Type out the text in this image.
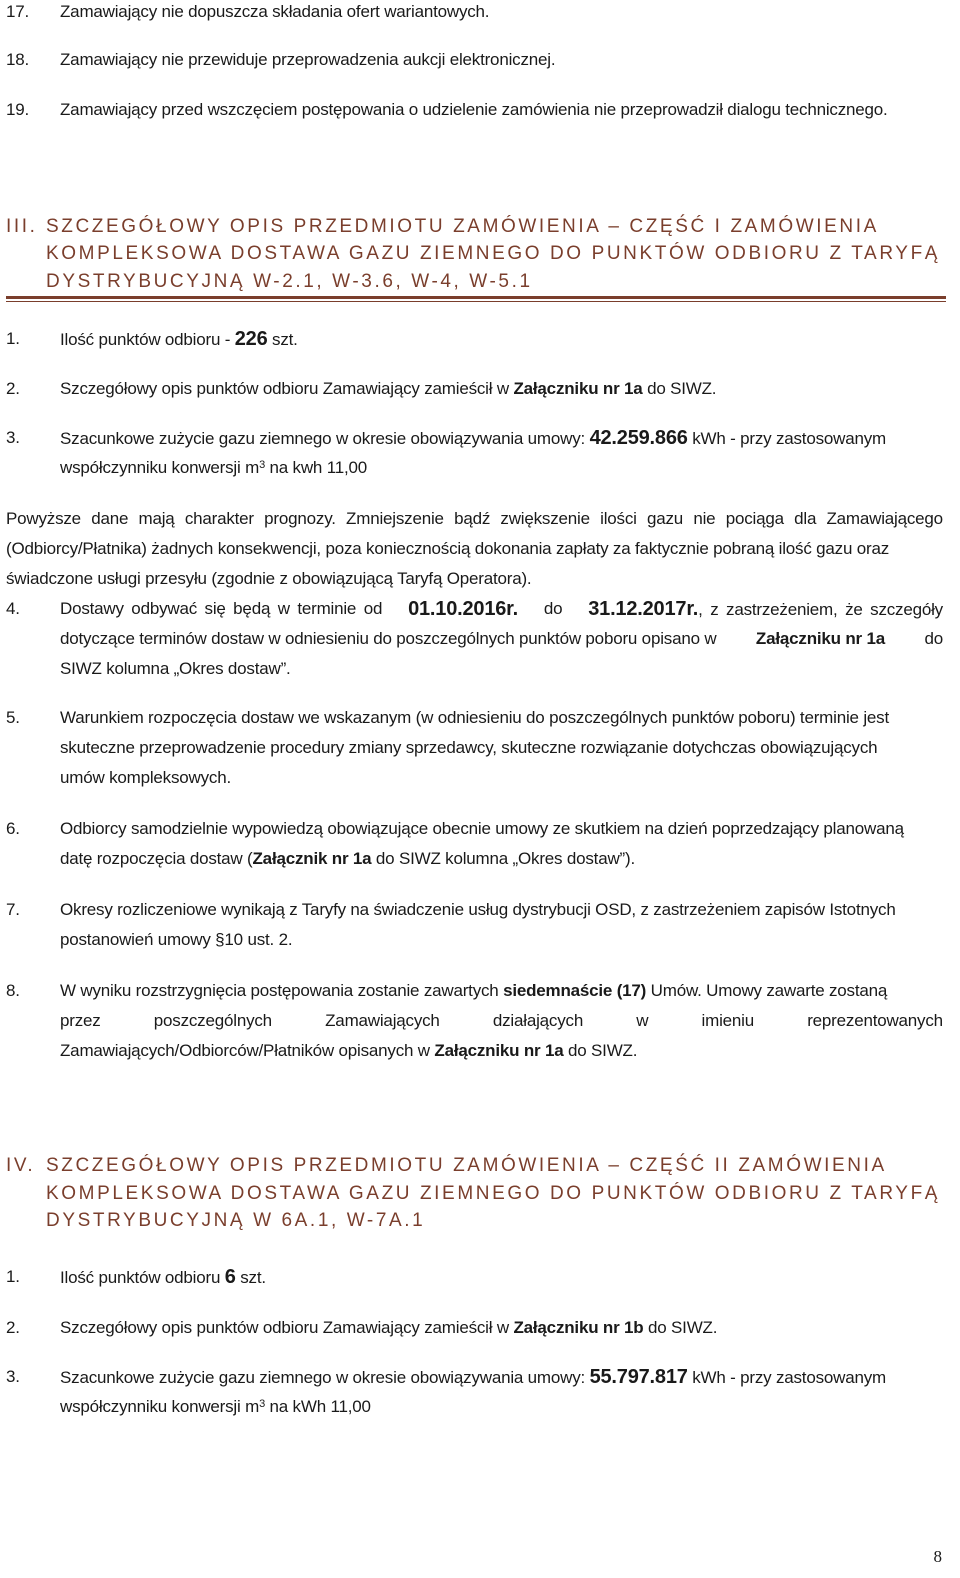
17. Zamawiający nie dopuszcza składania ofert wariantowych.
18. Zamawiający nie przewiduje przeprowadzenia aukcji elektronicznej.
19. Zamawiający przed wszczęciem postępowania o udzielenie zamówienia nie przeprowadził dialogu technicznego.
III. SZCZEGÓŁOWY OPIS PRZEDMIOTU ZAMÓWIENIA – CZĘŚĆ I ZAMÓWIENIA
KOMPLEKSOWA DOSTAWA GAZU ZIEMNEGO DO PUNKTÓW ODBIORU Z TARYFĄ
DYSTRYBUCYJNĄ W-2.1, W-3.6, W-4, W-5.1
1. Ilość punktów odbioru - 226 szt.
2. Szczegółowy opis punktów odbioru Zamawiający zamieścił w Załączniku nr 1a do SIWZ.
3. Szacunkowe zużycie gazu ziemnego w okresie obowiązywania umowy: 42.259.866 kWh - przy zastosowanym
współczynniku konwersji $m^3$ na kwh 11,00
Powyższe dane mają charakter prognozy. Zmniejszenie bądź zwiększenie ilości gazu nie pociąga dla Zamawiającego
(Odbiorcy/Płatnika) żadnych konsekwencji, poza koniecznością dokonania zapłaty za faktycznie pobraną ilość gazu oraz
świadczone usługi przesyłu (zgodnie z obowiązującą Taryfą Operatora).
4. Dostawy odbywać się będą w terminie od 01.10.2016r. do 31.12.2017r., z zastrzeżeniem, że szczegóły
dotyczące terminów dostaw w odniesieniu do poszczególnych punktów poboru opisano w Załączniku nr 1a do
SIWZ kolumna „Okres dostaw”.
5. Warunkiem rozpoczęcia dostaw we wskazanym (w odniesieniu do poszczególnych punktów poboru) terminie jest
skuteczne przeprowadzenie procedury zmiany sprzedawcy, skuteczne rozwiązanie dotychczas obowiązujących
umów kompleksowych.
6. Odbiorcy samodzielnie wypowiedzą obowiązujące obecnie umowy ze skutkiem na dzień poprzedzający planowaną
datę rozpoczęcia dostaw (Załącznik nr 1a do SIWZ kolumna „Okres dostaw”).
7. Okresy rozliczeniowe wynikają z Taryfy na świadczenie usług dystrybucji OSD, z zastrzeżeniem zapisów Istotnych
postanowień umowy §10 ust. 2.
8. W wyniku rozstrzygnięcia postępowania zostanie zawartych siedemnaście (17) Umów. Umowy zawarte zostaną
przez	poszczególnych	Zamawiających	działających	w	imieniu	reprezentowanych
Zamawiających/Odbiorców/Płatników opisanych w Załączniku nr 1a do SIWZ.
IV. SZCZEGÓŁOWY OPIS PRZEDMIOTU ZAMÓWIENIA – CZĘŚĆ II ZAMÓWIENIA
KOMPLEKSOWA DOSTAWA GAZU ZIEMNEGO DO PUNKTÓW ODBIORU Z TARYFĄ
DYSTRYBUCYJNĄ W 6A.1, W-7A.1
1. Ilość punktów odbioru 6 szt.
2. Szczegółowy opis punktów odbioru Zamawiający zamieścił w Załączniku nr 1b do SIWZ.
3. Szacunkowe zużycie gazu ziemnego w okresie obowiązywania umowy: 55.797.817 kWh - przy zastosowanym
współczynniku konwersji $m^3$ na kWh 11,00
8
